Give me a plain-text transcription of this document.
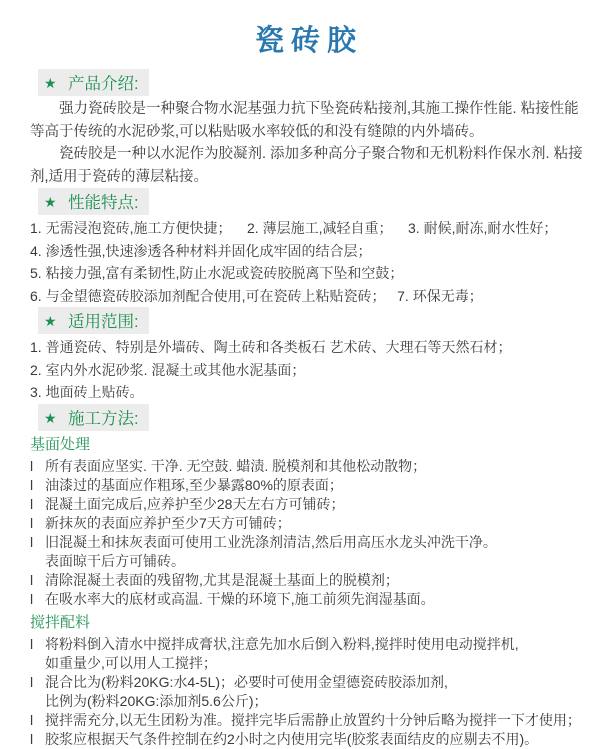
瓷砖胶
★ 产品介绍:

强力瓷砖胶是一种聚合物水泥基强力抗下坠瓷砖粘接剂,其施工操作性能. 粘接性能等高于传统的水泥砂浆,可以粘贴吸水率较低的和没有缝隙的内外墙砖。

瓷砖胶是一种以水泥作为胶凝剂. 添加多种高分子聚合物和无机粉料作保水剂. 粘接剂,适用于瓷砖的薄层粘接。

★ 性能特点:
1. 无需浸泡瓷砖,施工方便快捷；    2. 薄层施工,减轻自重；    3. 耐候,耐冻,耐水性好；
4. 渗透性强,快速渗透各种材料并固化成牢固的结合层；
5. 粘接力强,富有柔韧性,防止水泥或瓷砖胶脱离下坠和空鼓；
6. 与金望德瓷砖胶添加剂配合使用,可在瓷砖上粘贴瓷砖；   7. 环保无毒；
★ 适用范围:
1. 普通瓷砖、特别是外墙砖、陶土砖和各类板石 艺术砖、大理石等天然石材；
2. 室内外水泥砂浆. 混凝土或其他水泥基面；
3. 地面砖上贴砖。
★ 施工方法:
基面处理
l 所有表面应坚实. 干净. 无空鼓. 蜡渍. 脱模剂和其他松动散物；
l 油漆过的基面应作粗琢,至少暴露80%的原表面；
l 混凝土面完成后,应养护至少28天左右方可铺砖；
l 新抹灰的表面应养护至少7天方可铺砖；
l 旧混凝土和抹灰表面可使用工业洗涤剂清洁,然后用高压水龙头冲洗干净。
表面晾干后方可铺砖。
l 清除混凝土表面的残留物,尤其是混凝土基面上的脱模剂；
l 在吸水率大的底材或高温. 干燥的环境下,施工前须先润湿基面。
搅拌配料
l 将粉料倒入清水中搅拌成膏状,注意先加水后倒入粉料,搅拌时使用电动搅拌机,
如重量少,可以用人工搅拌；
l 混合比为(粉料20KG:水4-5L)；必要时可使用金望德瓷砖胶添加剂,
比例为(粉料20KG:添加剂5.6公斤)；
l 搅拌需充分,以无生团粉为准。搅拌完毕后需静止放置约十分钟后略为搅拌一下才使用；
l 胶浆应根据天气条件控制在约2小时之内使用完毕(胶浆表面结皮的应剔去不用)。
